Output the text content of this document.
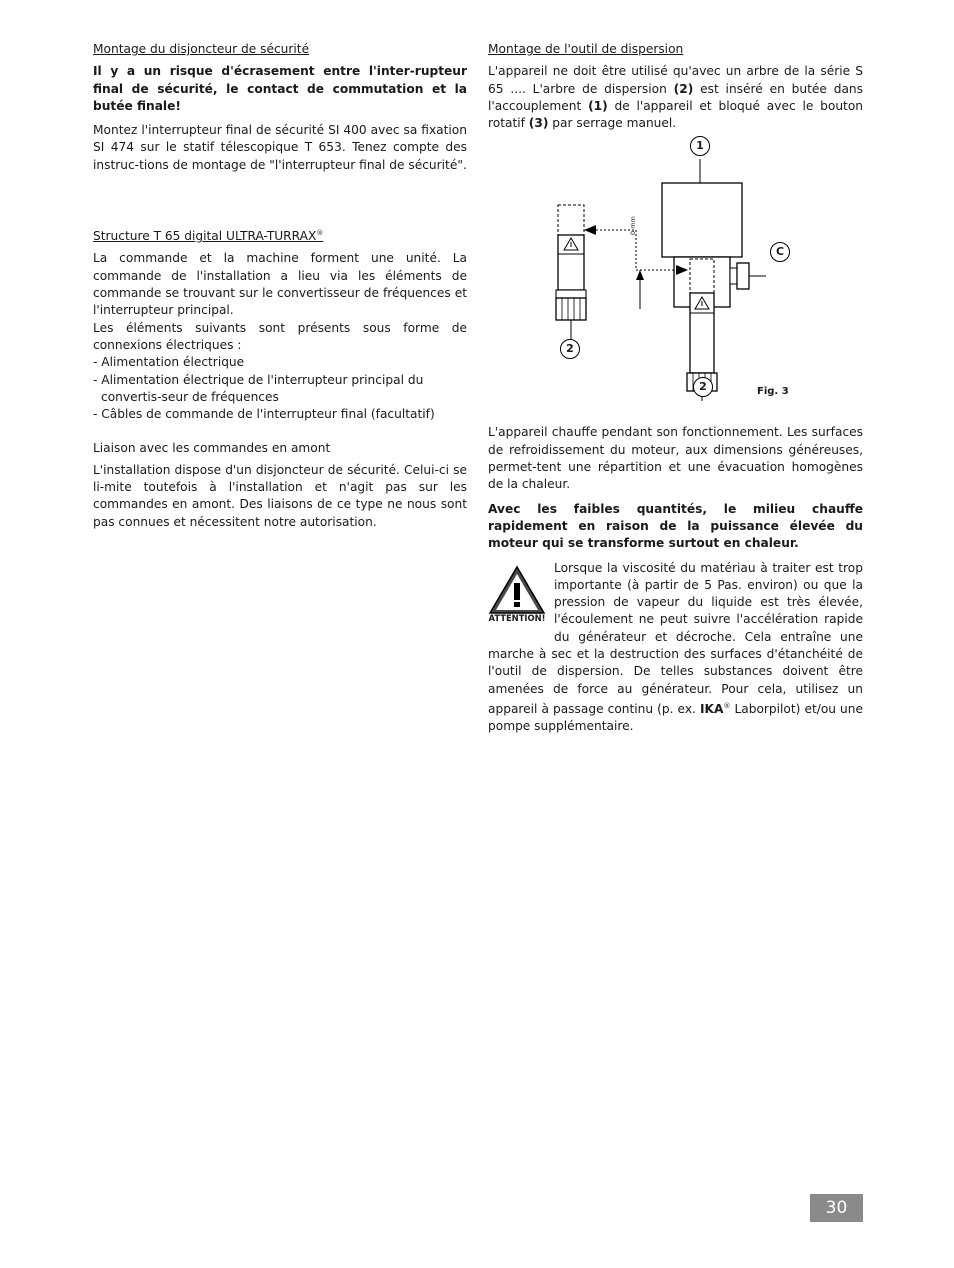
Montage du disjoncteur de sécurité

Il y a un risque d'écrasement entre l'inter-rupteur final de sécurité, le contact de commutation et la butée finale!

Montez l'interrupteur final de sécurité SI 400 avec sa fixation SI 474 sur le statif télescopique T 653. Tenez compte des instruc-tions de montage de "l'interrupteur final de sécurité".

Structure T 65 digital ULTRA-TURRAX®

La commande et la machine forment une unité. La commande de l'installation a lieu via les éléments de commande se trouvant sur le convertisseur de fréquences et l'interrupteur principal.

Les éléments suivants sont présents sous forme de connexions électriques :

- Alimentation électrique
- Alimentation électrique de l'interrupteur principal du convertis-seur de fréquences
- Câbles de commande de l'interrupteur final (facultatif)
Liaison avec les commandes en amont

L'installation dispose d'un disjoncteur de sécurité. Celui-ci se li-mite toutefois à l'installation et n'agit pas sur les commandes en amont. Des liaisons de ce type ne nous sont pas connues et nécessitent notre autorisation.

Montage de l'outil de dispersion

L'appareil ne doit être utilisé qu'avec un arbre de la série S 65 .... L'arbre de dispersion (2) est inséré en butée dans l'accouplement (1) de l'appareil et bloqué avec le bouton rotatif (3) par serrage manuel.

1
C
2
2
0 mm
Fig. 3

L'appareil chauffe pendant son fonctionnement. Les surfaces de refroidissement du moteur, aux dimensions généreuses, permet-tent une répartition et une évacuation homogènes de la chaleur.

Avec les faibles quantités, le milieu chauffe rapidement en raison de la puissance élevée du moteur qui se transforme surtout en chaleur.

ATTENTION!

Lorsque la viscosité du matériau à traiter est trop importante (à partir de 5 Pas. environ) ou que la pression de vapeur du liquide est très élevée, l'écoulement ne peut suivre l'accélération rapide du générateur et décroche. Cela entraîne une marche à sec et la destruction des surfaces d'étanchéité de l'outil de dispersion. De telles substances doivent être amenées de force au générateur. Pour cela, utilisez un appareil à passage continu (p. ex. IKA® Laborpilot) et/ou une pompe supplémentaire.

30
